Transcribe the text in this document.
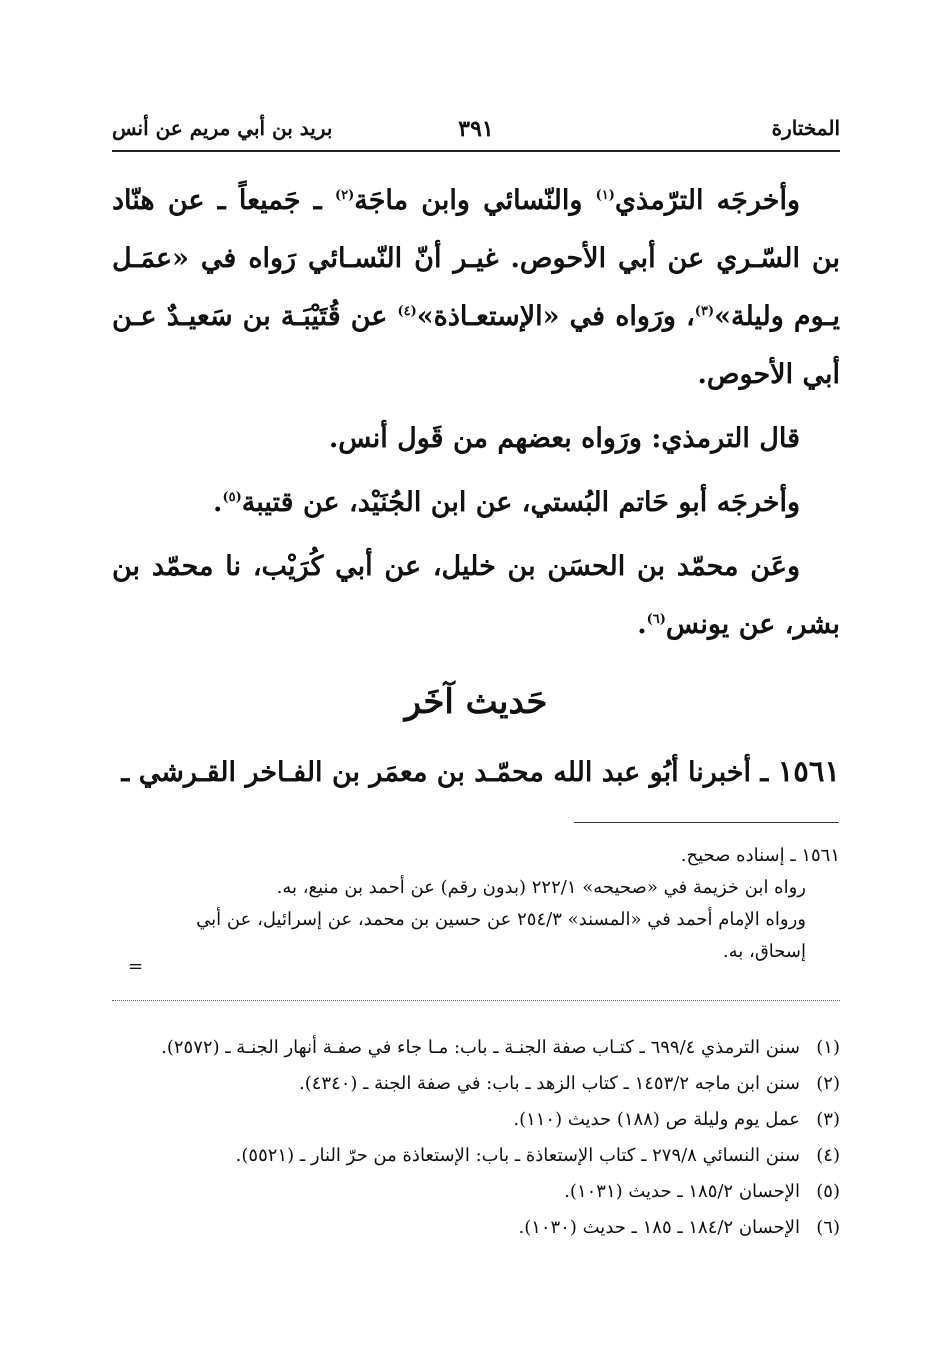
المختارة
٣٩١
بريد بن أبي مريم عن أنس

وأخرجَه الترّمذي$^{(١)}$ والنّسائي وابن ماجَة$^{(٢)}$ ـ جَميعاً ـ عن هنّاد بن السّـري عن أبي الأحوص. غيـر أنّ النّسـائي رَواه في «عمَـل يـوم وليلة»$^{(٣)}$، ورَواه في «الإستعـاذة»$^{(٤)}$ عن قُتَيْبَـة بن سَعيـدٌ عـن أبي الأحوص.

قال الترمذي: ورَواه بعضهم من قَول أنس.

وأخرجَه أبو حَاتم البُستي، عن ابن الجُنَيْد، عن قتيبة$^{(٥)}$.

وعَن محمّد بن الحسَن بن خليل، عن أبي كُرَيْب، نا محمّد بن بشر، عن يونس$^{(٦)}$.

حَديث آخَر

١٥٦١ ـ أخبرنا أبُو عبد الله محمّـد بن معمَر بن الفـاخر القـرشي ـ

١٥٦١ ـ إسناده صحيح.

رواه ابن خزيمة في «صحيحه» ٢٢٢/١ (بدون رقم) عن أحمد بن منيع، به.

ورواه الإمام أحمد في «المسند» ٢٥٤/٣ عن حسين بن محمد، عن إسرائيل، عن أبي إسحاق، به.

=

(١)سنن الترمذي ٦٩٩/٤ ـ كتـاب صفة الجنـة ـ باب: مـا جاء في صفـة أنهار الجنـة ـ (٢٥٧٢).

(٢)سنن ابن ماجه ١٤٥٣/٢ ـ كتاب الزهد ـ باب: في صفة الجنة ـ (٤٣٤٠).

(٣)عمل يوم وليلة ص (١٨٨) حديث (١١٠).

(٤)سنن النسائي ٢٧٩/٨ ـ كتاب الإستعاذة ـ باب: الإستعاذة من حرّ النار ـ (٥٥٢١).

(٥)الإحسان ١٨٥/٢ ـ حديث (١٠٣١).

(٦)الإحسان ١٨٤/٢ ـ ١٨٥ ـ حديث (١٠٣٠).
